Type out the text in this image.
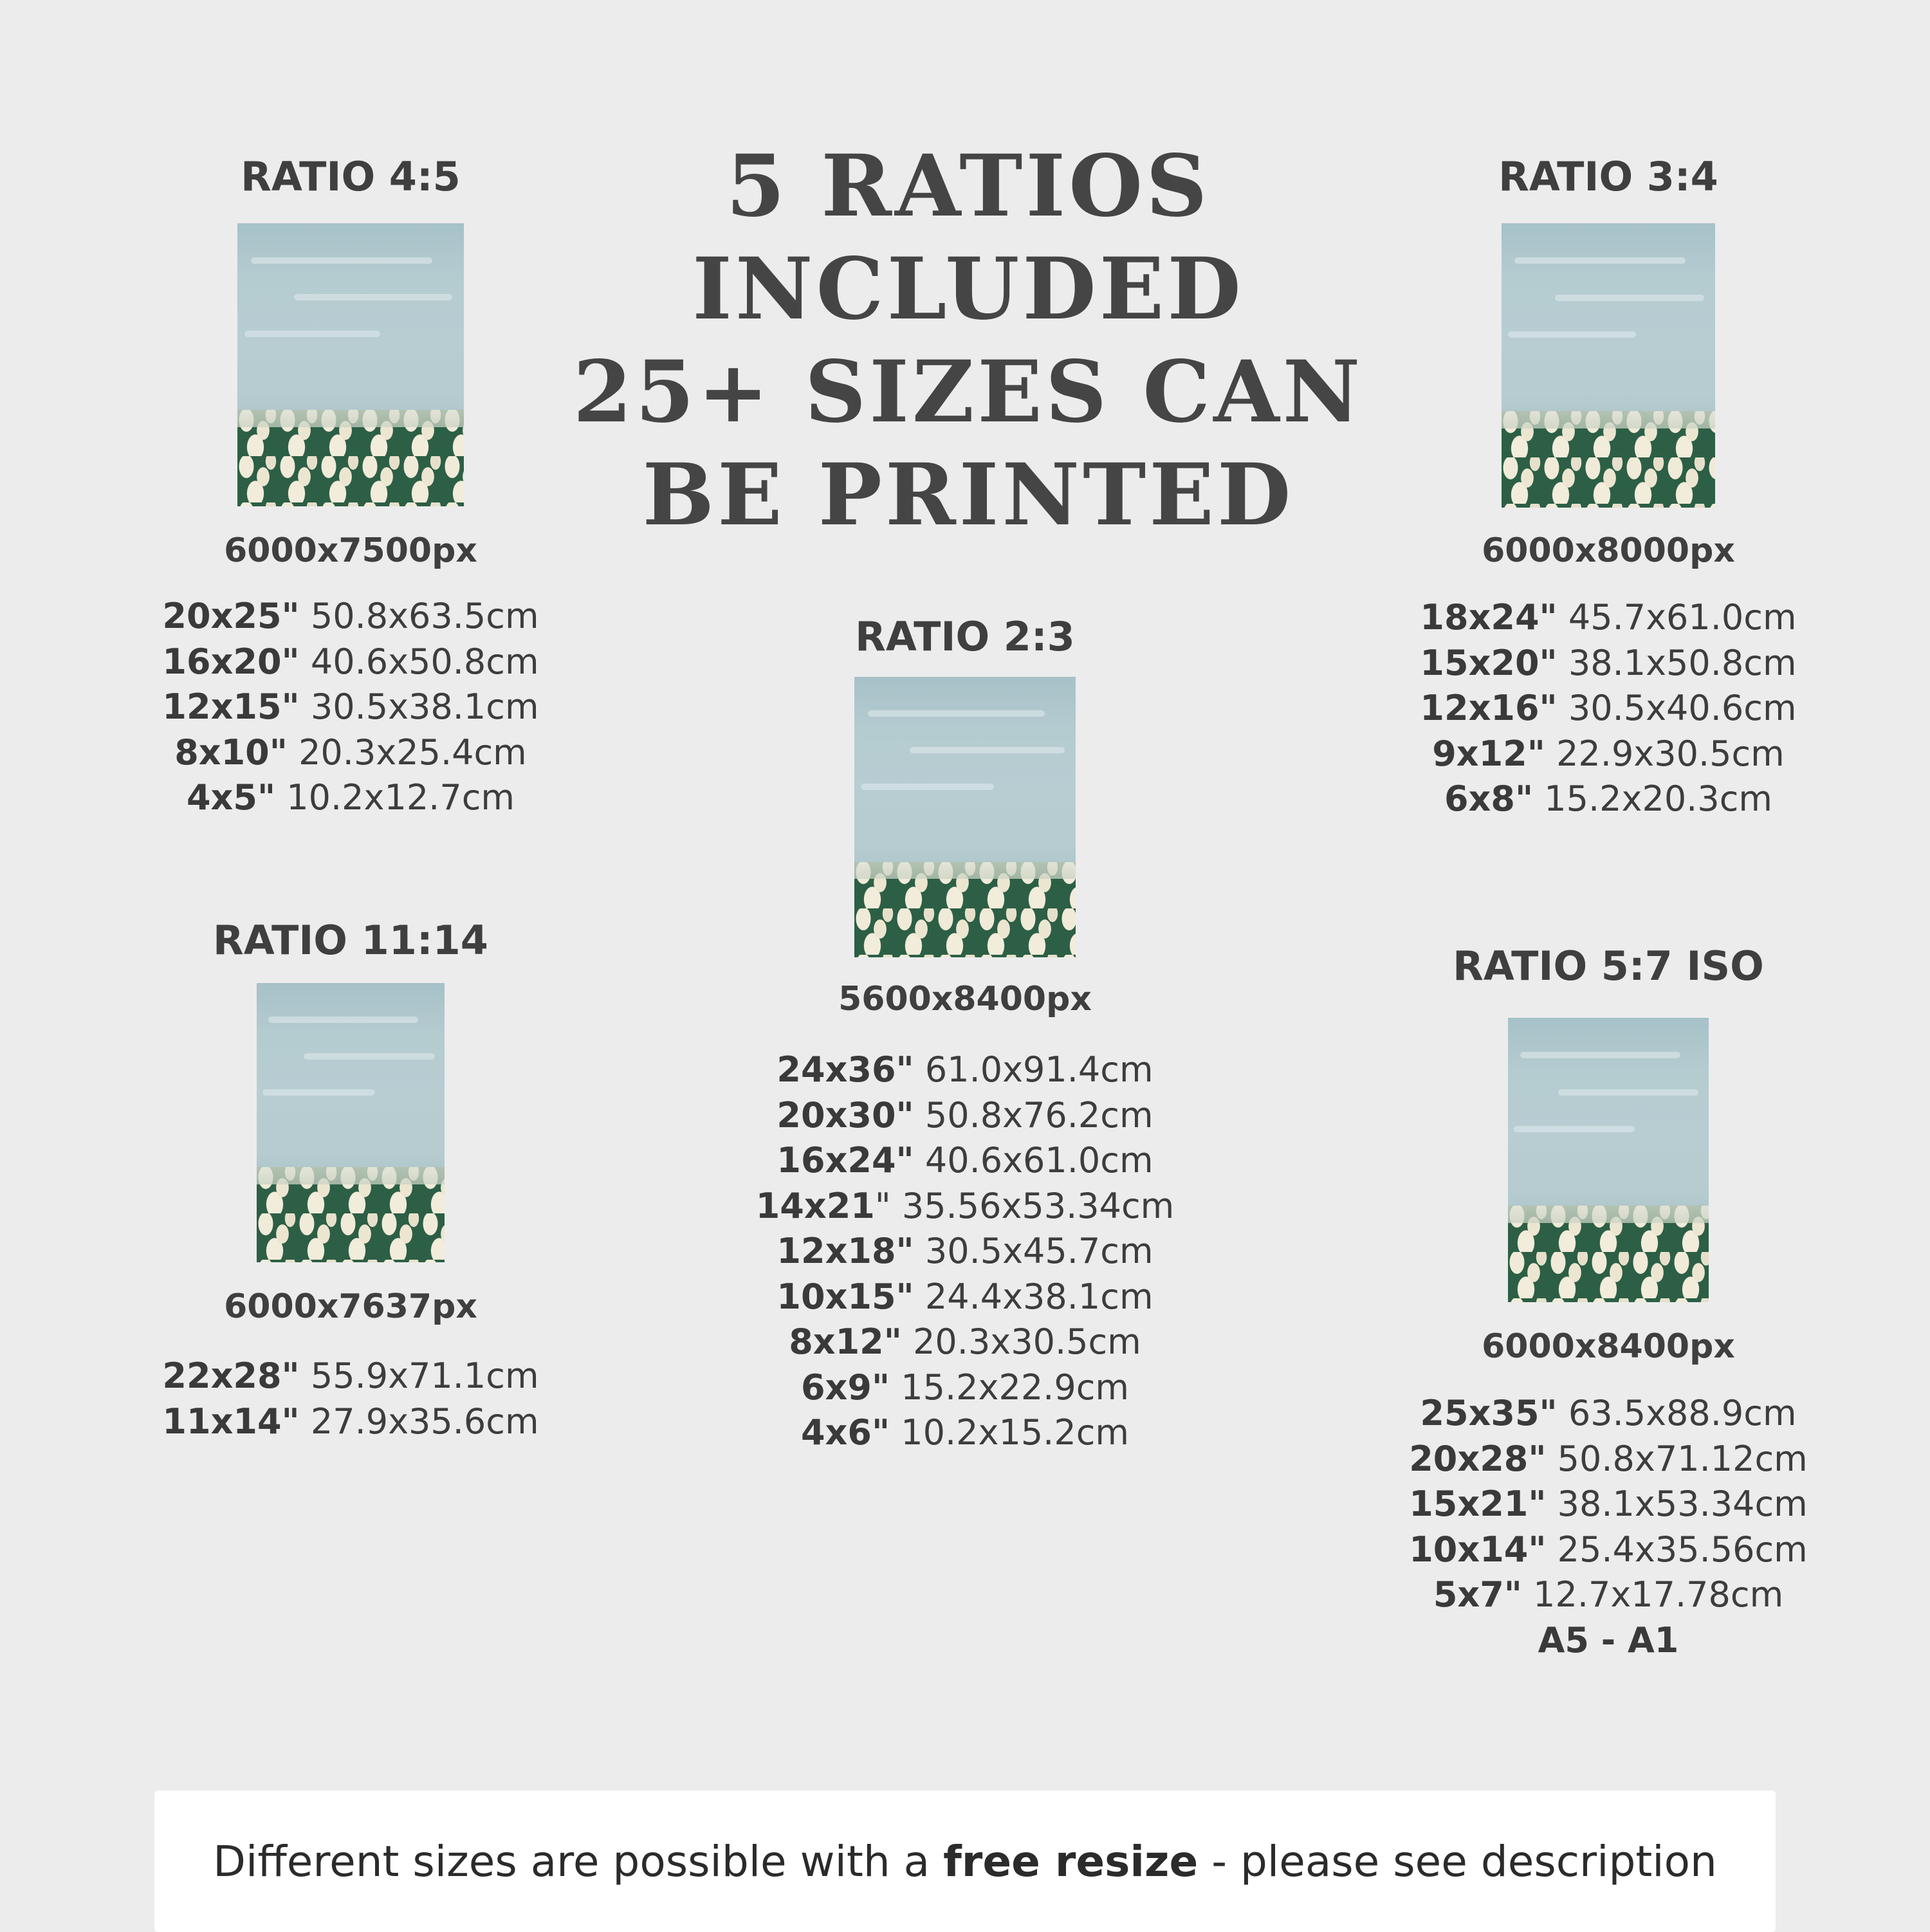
5 RATIOS
INCLUDED
25+ SIZES CAN
BE PRINTED
RATIO 4:5

6000x7500px

20x25" 50.8x63.5cm
16x20" 40.6x50.8cm
12x15" 30.5x38.1cm
8x10" 20.3x25.4cm
4x5" 10.2x12.7cm
RATIO 3:4

6000x8000px

18x24" 45.7x61.0cm
15x20" 38.1x50.8cm
12x16" 30.5x40.6cm
9x12" 22.9x30.5cm
6x8" 15.2x20.3cm
RATIO 2:3

5600x8400px

24x36" 61.0x91.4cm
20x30" 50.8x76.2cm
16x24" 40.6x61.0cm
14x21" 35.56x53.34cm
12x18" 30.5x45.7cm
10x15" 24.4x38.1cm
8x12" 20.3x30.5cm
6x9" 15.2x22.9cm
4x6" 10.2x15.2cm
RATIO 11:14

6000x7637px

22x28" 55.9x71.1cm
11x14" 27.9x35.6cm
RATIO 5:7 ISO

6000x8400px

25x35" 63.5x88.9cm
20x28" 50.8x71.12cm
15x21" 38.1x53.34cm
10x14" 25.4x35.56cm
5x7" 12.7x17.78cm
A5 - A1
Different sizes are possible with a free resize - please see description
